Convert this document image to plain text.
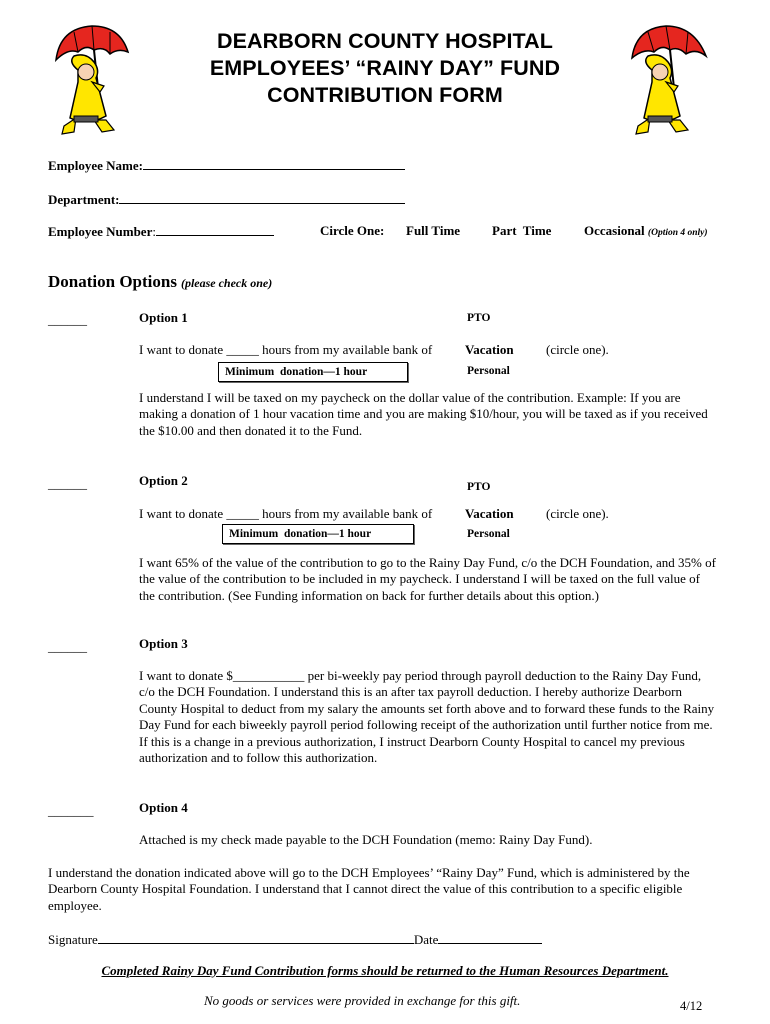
DEARBORN COUNTY HOSPITAL
EMPLOYEES’ “RAINY DAY” FUND
CONTRIBUTION FORM
Employee Name:
Department:
Employee Number:	Circle One: Full Time Part  Time	Occasional (Option 4 only)
Donation Options (please check one)
______	Option 1	PTO
I want to donate _____ hours from my available bank of	Vacation (circle one).
Minimum  donation—1 hour	Personal
I understand I will be taxed on my paycheck on the dollar value of the contribution. Example: If you are making a donation of 1 hour vacation time and you are making $10/hour, you will be taxed as if you received the $10.00 and then donated it to the Fund.
______	Option 2	PTO
I want to donate _____ hours from my available bank of	Vacation (circle one).
Minimum  donation—1 hour	Personal
I want 65% of the value of the contribution to go to the Rainy Day Fund, c/o the DCH Foundation, and 35% of the value of the contribution to be included in my paycheck. I understand I will be taxed on the full value of the contribution. (See Funding information on back for further details about this option.)
______	Option 3
I want to donate $___________ per bi-weekly pay period through payroll deduction to the Rainy Day Fund, c/o the DCH Foundation. I understand this is an after tax payroll deduction. I hereby authorize Dearborn County Hospital to deduct from my salary the amounts set forth above and to forward these funds to the Rainy Day Fund for each biweekly payroll period following receipt of the authorization until further notice from me. If this is a change in a previous authorization, I instruct Dearborn County Hospital to cancel my previous authorization and to follow this authorization.
_______	Option 4
Attached is my check made payable to the DCH Foundation (memo: Rainy Day Fund).
I understand the donation indicated above will go to the DCH Employees’ “Rainy Day” Fund, which is administered by the Dearborn County Hospital Foundation. I understand that I cannot direct the value of this contribution to a specific eligible employee.
Signature	Date
Completed Rainy Day Fund Contribution forms should be returned to the Human Resources Department.
No goods or services were provided in exchange for this gift.	4/12
